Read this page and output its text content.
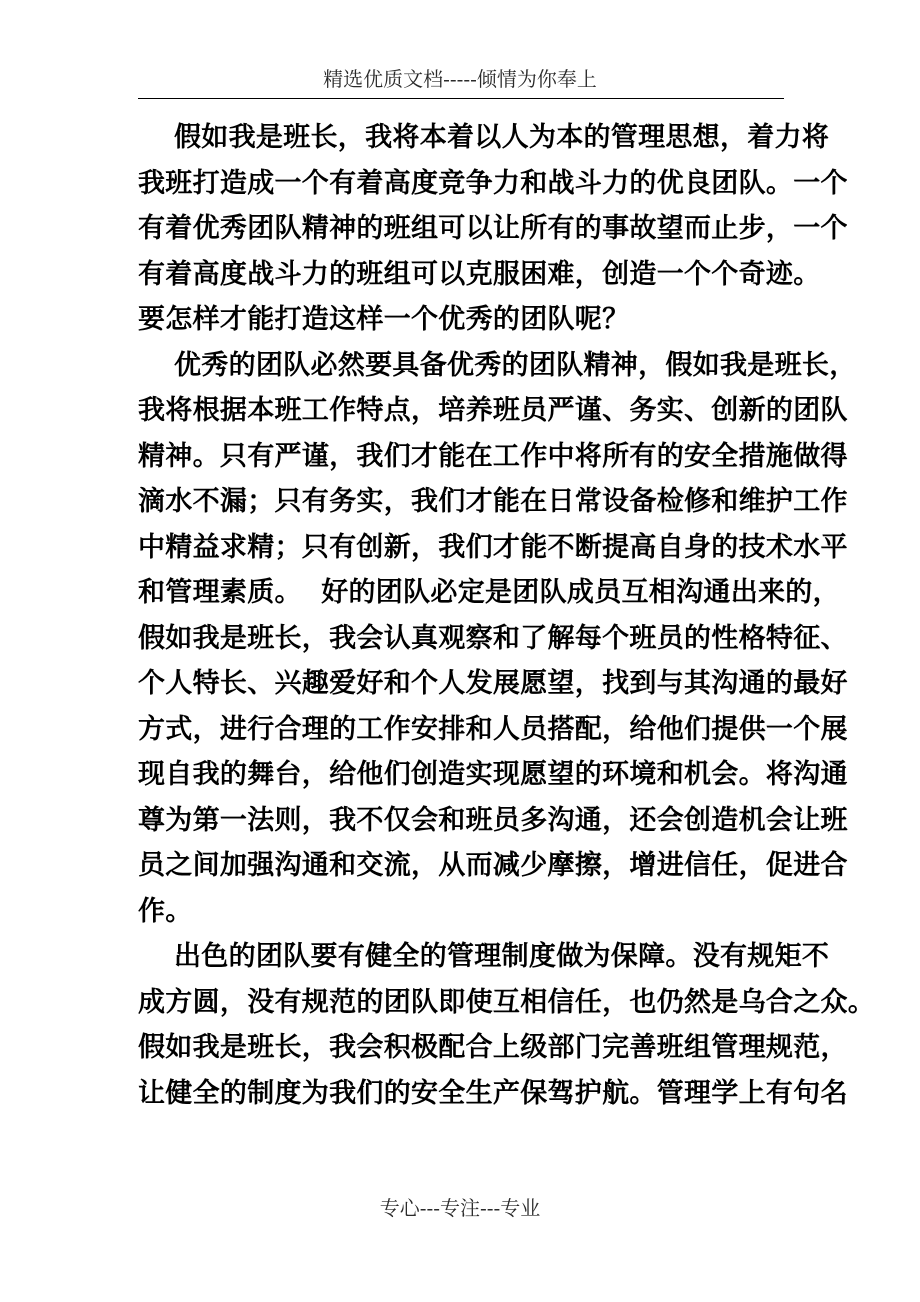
精选优质文档-----倾情为你奉上
假如我是班长，我将本着以人为本的管理思想，着力将
我班打造成一个有着高度竞争力和战斗力的优良团队。一个
有着优秀团队精神的班组可以让所有的事故望而止步，一个
有着高度战斗力的班组可以克服困难，创造一个个奇迹。
要怎样才能打造这样一个优秀的团队呢？
优秀的团队必然要具备优秀的团队精神，假如我是班长，
我将根据本班工作特点，培养班员严谨、务实、创新的团队
精神。只有严谨，我们才能在工作中将所有的安全措施做得
滴水不漏；只有务实，我们才能在日常设备检修和维护工作
中精益求精；只有创新，我们才能不断提高自身的技术水平
和管理素质。  好的团队必定是团队成员互相沟通出来的，
假如我是班长，我会认真观察和了解每个班员的性格特征、
个人特长、兴趣爱好和个人发展愿望，找到与其沟通的最好
方式，进行合理的工作安排和人员搭配，给他们提供一个展
现自我的舞台，给他们创造实现愿望的环境和机会。将沟通
尊为第一法则，我不仅会和班员多沟通，还会创造机会让班
员之间加强沟通和交流，从而减少摩擦，增进信任，促进合
作。
出色的团队要有健全的管理制度做为保障。没有规矩不
成方圆，没有规范的团队即使互相信任，也仍然是乌合之众。
假如我是班长，我会积极配合上级部门完善班组管理规范，
让健全的制度为我们的安全生产保驾护航。管理学上有句名
专心---专注---专业
